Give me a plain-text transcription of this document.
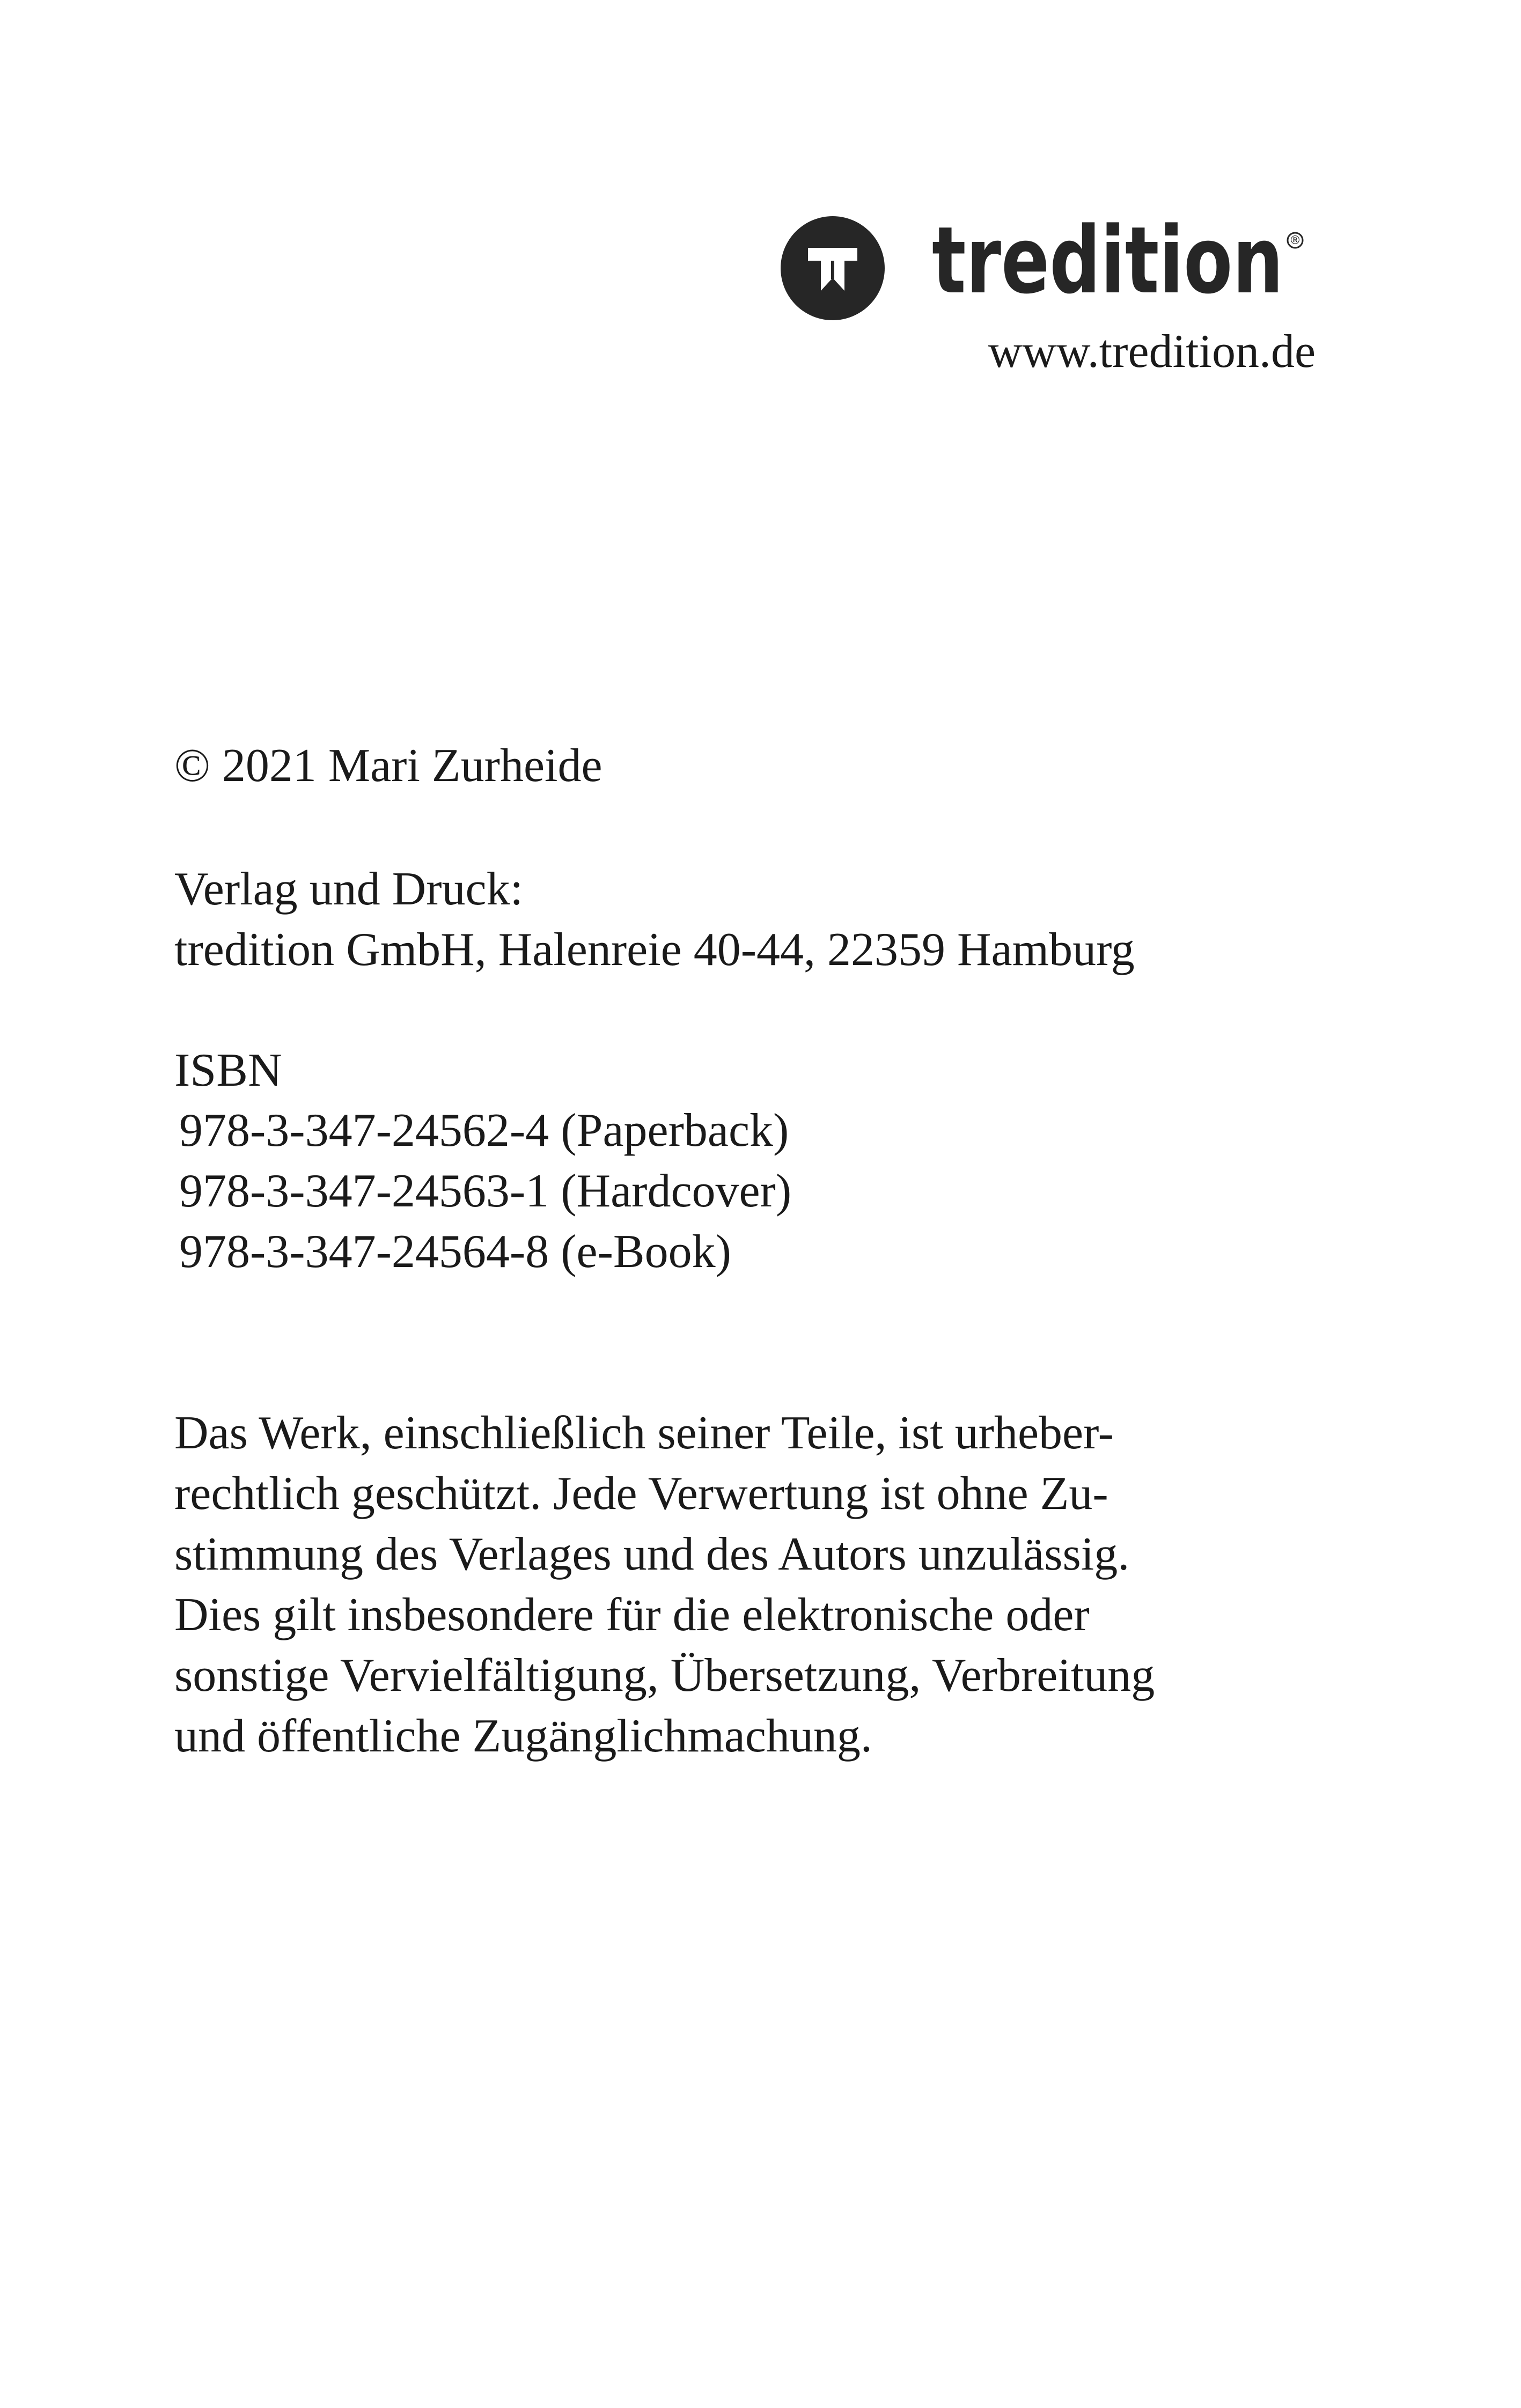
tredition ®

www.tredition.de

© 2021 Mari Zurheide

Verlag und Druck:

tredition GmbH, Halenreie 40-44, 22359 Hamburg

ISBN

978-3-347-24562-4 (Paperback)

978-3-347-24563-1 (Hardcover)

978-3-347-24564-8 (e-Book)

Das Werk, einschließlich seiner Teile, ist urheber-
rechtlich geschützt. Jede Verwertung ist ohne Zu-
stimmung des Verlages und des Autors unzulässig.
Dies gilt insbesondere für die elektronische oder
sonstige Vervielfältigung, Übersetzung, Verbreitung
und öffentliche Zugänglichmachung.
